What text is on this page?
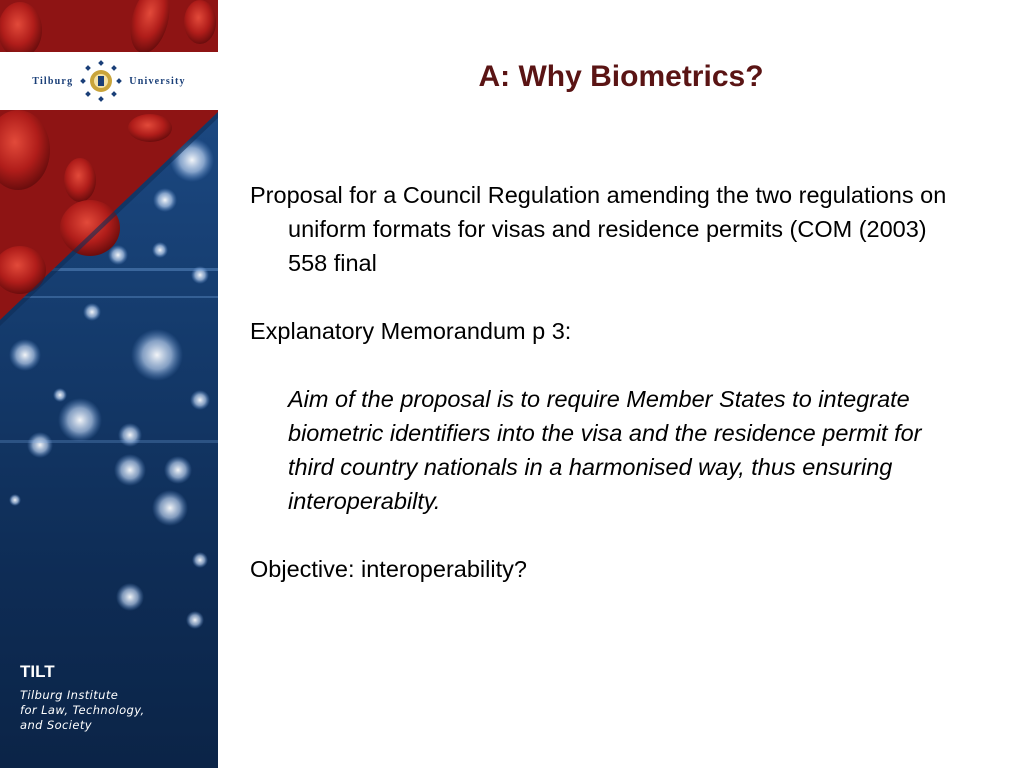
Tilburg	University
TILT
Tilburg Institute
for Law, Technology,
and Society
A: Why Biometrics?

Proposal for a Council Regulation amending the two regulations on uniform formats for visas and residence permits (COM (2003) 558 final

Explanatory Memorandum p 3:

Aim of the proposal is to require Member States to integrate biometric identifiers into the visa and the residence permit for third country nationals in a harmonised way, thus ensuring interoperabilty.

Objective: interoperability?
